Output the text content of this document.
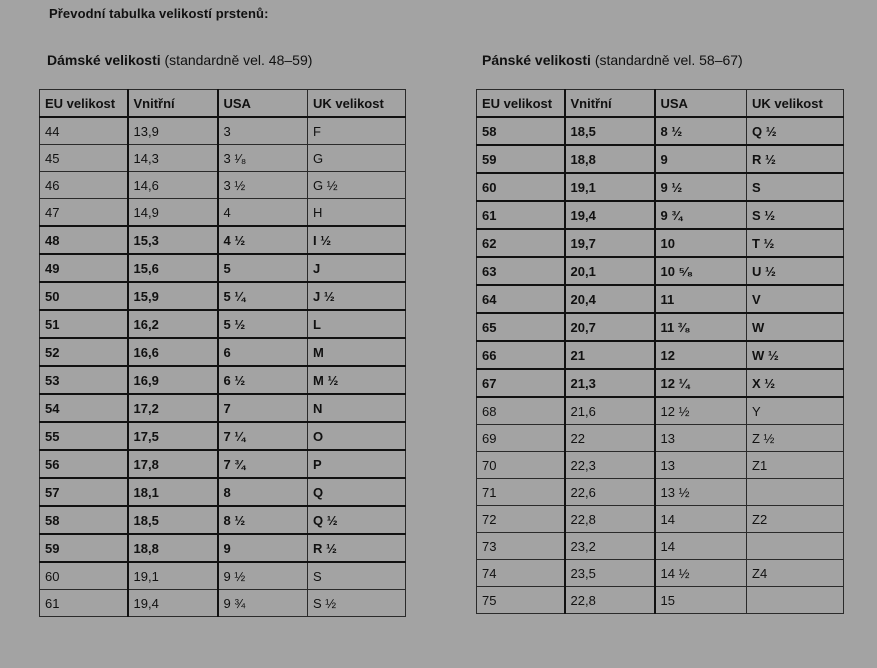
Převodní tabulka velikostí prstenů:
Dámské velikosti (standardně vel. 48–59)	Pánské velikosti (standardně vel. 58–67)
EU velikost	Vnitřní	USA	UK velikost
44	13,9	3	F
45	14,3	3 ¹⁄₈	G
46	14,6	3 ½	G ½
47	14,9	4	H
48	15,3	4 ½	I ½
49	15,6	5	J
50	15,9	5 ¼	J ½
51	16,2	5 ½	L
52	16,6	6	M
53	16,9	6 ½	M ½
54	17,2	7	N
55	17,5	7 ¼	O
56	17,8	7 ¾	P
57	18,1	8	Q
58	18,5	8 ½	Q ½
59	18,8	9	R ½
60	19,1	9 ½	S
61	19,4	9 ¾	S ½
EU velikost	Vnitřní	USA	UK velikost
58	18,5	8 ½	Q ½
59	18,8	9	R ½
60	19,1	9 ½	S
61	19,4	9 ¾	S ½
62	19,7	10	T ½
63	20,1	10 ⁵⁄₈	U ½
64	20,4	11	V
65	20,7	11 ³⁄₈	W
66	21	12	W ½
67	21,3	12 ¼	X ½
68	21,6	12 ½	Y
69	22	13	Z ½
70	22,3	13	Z1
71	22,6	13 ½	
72	22,8	14	Z2
73	23,2	14	
74	23,5	14 ½	Z4
75	22,8	15	
